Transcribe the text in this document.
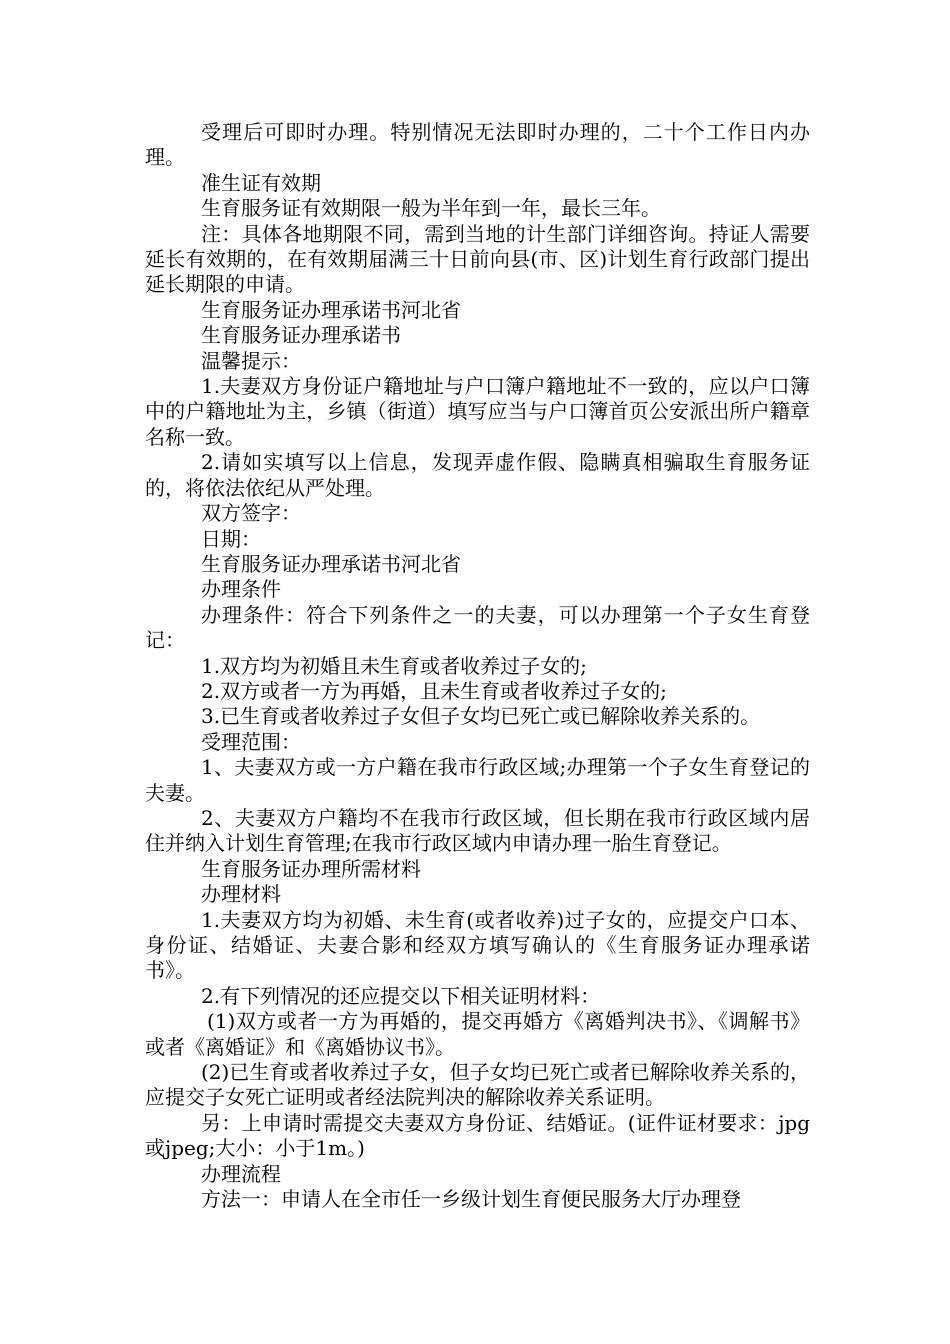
受理后可即时办理。特别情况无法即时办理的，二十个工作日内办理。

准生证有效期

生育服务证有效期限一般为半年到一年，最长三年。

注：具体各地期限不同，需到当地的计生部门详细咨询。持证人需要延长有效期的，在有效期届满三十日前向县(市、区)计划生育行政部门提出延长期限的申请。

生育服务证办理承诺书河北省

生育服务证办理承诺书

温馨提示：

1.夫妻双方身份证户籍地址与户口簿户籍地址不一致的，应以户口簿中的户籍地址为主，乡镇（街道）填写应当与户口簿首页公安派出所户籍章名称一致。

2.请如实填写以上信息，发现弄虚作假、隐瞒真相骗取生育服务证的，将依法依纪从严处理。

双方签字：

日期：

生育服务证办理承诺书河北省

办理条件

办理条件：符合下列条件之一的夫妻，可以办理第一个子女生育登记：

1.双方均为初婚且未生育或者收养过子女的;

2.双方或者一方为再婚，且未生育或者收养过子女的;

3.已生育或者收养过子女但子女均已死亡或已解除收养关系的。

受理范围：

1、夫妻双方或一方户籍在我市行政区域;办理第一个子女生育登记的夫妻。

2、夫妻双方户籍均不在我市行政区域，但长期在我市行政区域内居住并纳入计划生育管理;在我市行政区域内申请办理一胎生育登记。

生育服务证办理所需材料

办理材料

1.夫妻双方均为初婚、未生育(或者收养)过子女的，应提交户口本、身份证、结婚证、夫妻合影和经双方填写确认的《生育服务证办理承诺书》。

2.有下列情况的还应提交以下相关证明材料：

(1)双方或者一方为再婚的，提交再婚方《离婚判决书》、《调解书》或者《离婚证》和《离婚协议书》。

(2)已生育或者收养过子女，但子女均已死亡或者已解除收养关系的，应提交子女死亡证明或者经法院判决的解除收养关系证明。

另：上申请时需提交夫妻双方身份证、结婚证。(证件证材要求：jpg或jpeg;大小：小于1m。)

办理流程

方法一：申请人在全市任一乡级计划生育便民服务大厅办理登
